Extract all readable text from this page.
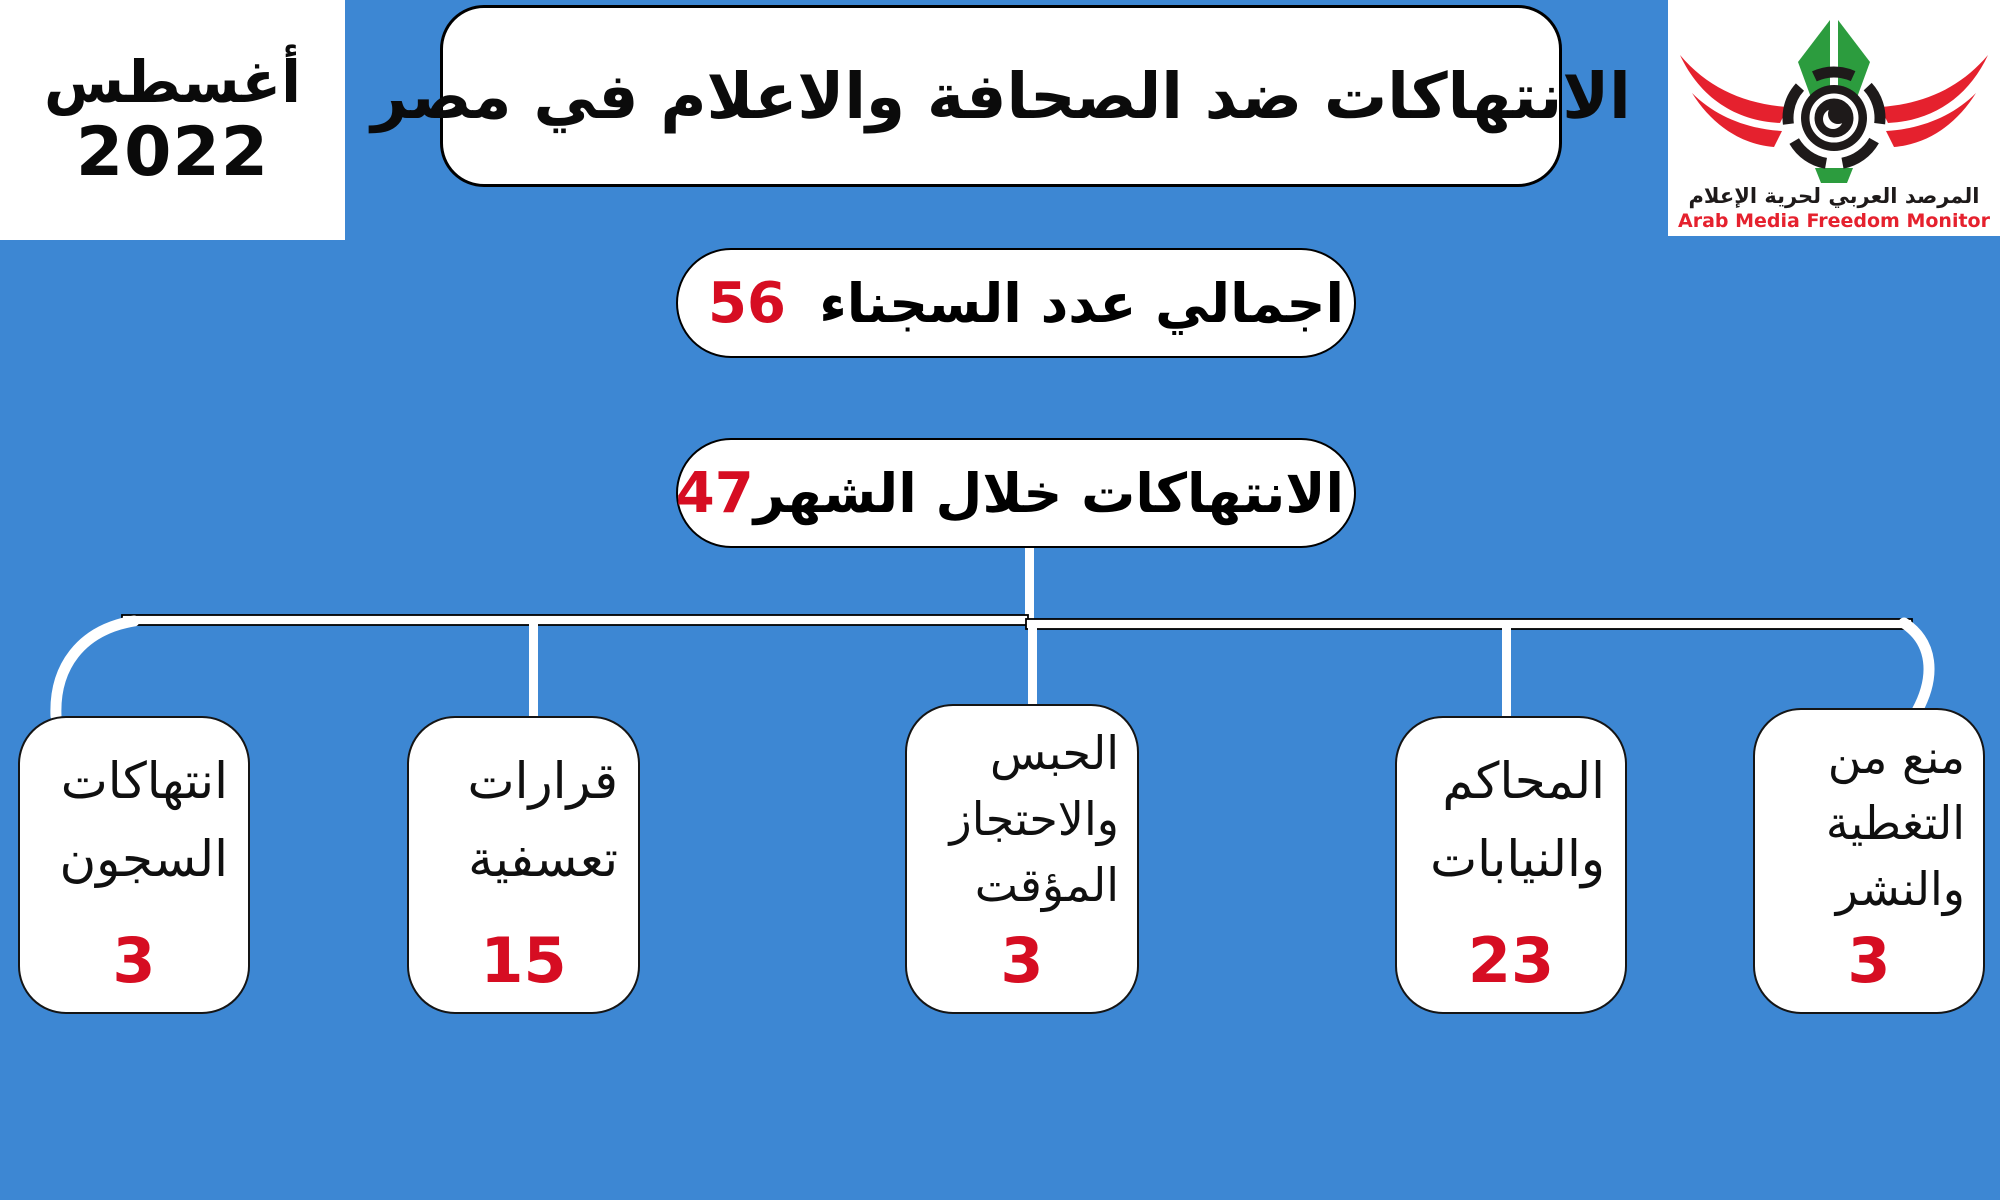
أغسطس
2022
الانتهاكات ضد الصحافة والاعلام في مصر
المرصد العربي لحرية الإعلام
Arab Media Freedom Monitor
اجمالي عدد السجناء
56
الانتهاكات خلال الشهر
47
انتهاكات
السجون
3
قرارات
تعسفية
15
الحبس
والاحتجاز
المؤقت
3
المحاكم
والنيابات
23
منع من
التغطية
والنشر
3
